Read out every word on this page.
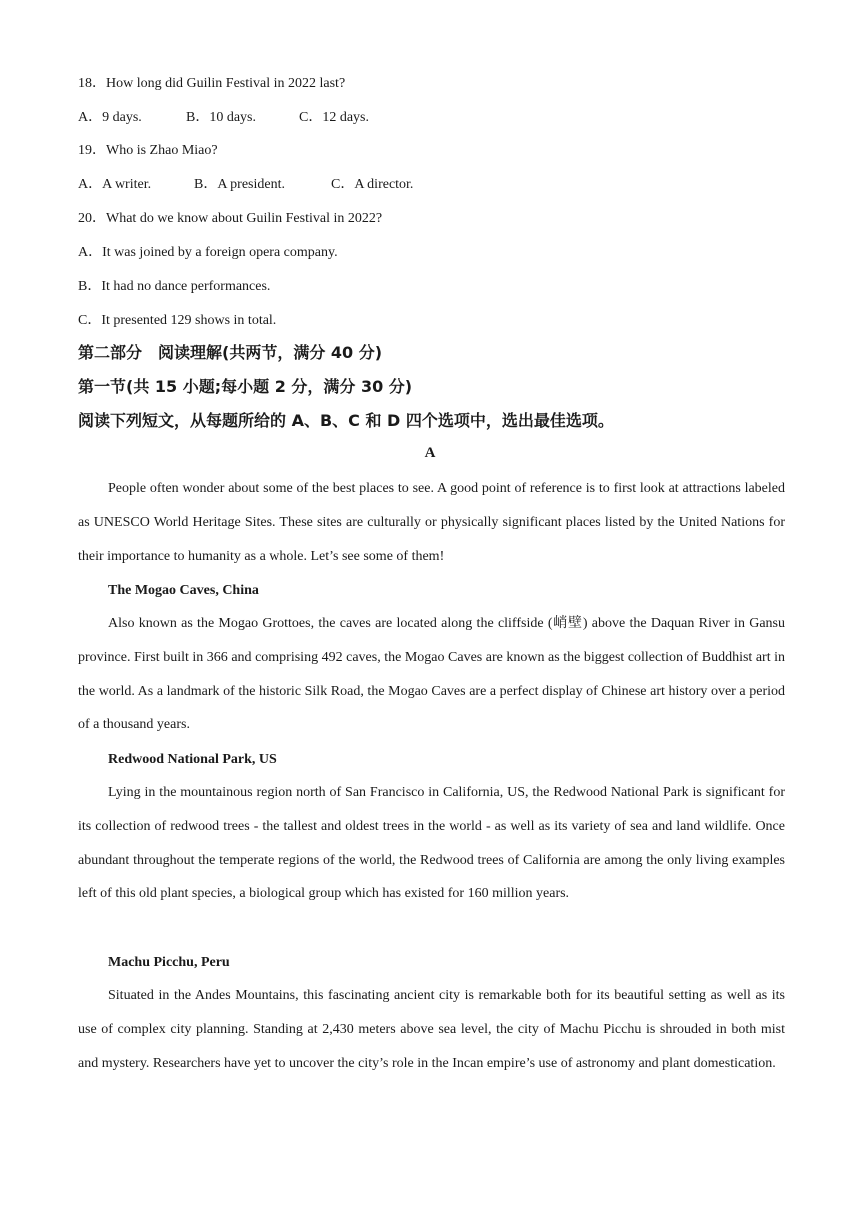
18．How long did Guilin Festival in 2022 last?
A．9 days.	B．10 days.	C．12 days.
19．Who is Zhao Miao?
A．A writer.	B．A president.	C．A director.
20．What do we know about Guilin Festival in 2022?
A．It was joined by a foreign opera company.
B．It had no dance performances.
C．It presented 129 shows in total.
第二部分　阅读理解(共两节，满分 40 分)
第一节(共 15 小题;每小题 2 分，满分 30 分)
阅读下列短文，从每题所给的 A、B、C 和 D 四个选项中，选出最佳选项。
A

People often wonder about some of the best places to see. A good point of reference is to first look at attractions labeled as UNESCO World Heritage Sites. These sites are culturally or physically significant places listed by the United Nations for their importance to humanity as a whole. Let’s see some of them!

The Mogao Caves, China

Also known as the Mogao Grottoes, the caves are located along the cliffside (峭壁) above the Daquan River in Gansu province. First built in 366 and comprising 492 caves, the Mogao Caves are known as the biggest collection of Buddhist art in the world. As a landmark of the historic Silk Road, the Mogao Caves are a perfect display of Chinese art history over a period of a thousand years.

Redwood National Park, US

Lying in the mountainous region north of San Francisco in California, US, the Redwood National Park is significant for its collection of redwood trees - the tallest and oldest trees in the world - as well as its variety of sea and land wildlife. Once abundant throughout the temperate regions of the world, the Redwood trees of California are among the only living examples left of this old plant species, a biological group which has existed for 160 million years.

Machu Picchu, Peru

Situated in the Andes Mountains, this fascinating ancient city is remarkable both for its beautiful setting as well as its use of complex city planning. Standing at 2,430 meters above sea level, the city of Machu Picchu is shrouded in both mist and mystery. Researchers have yet to uncover the city’s role in the Incan empire’s use of astronomy and plant domestication.
